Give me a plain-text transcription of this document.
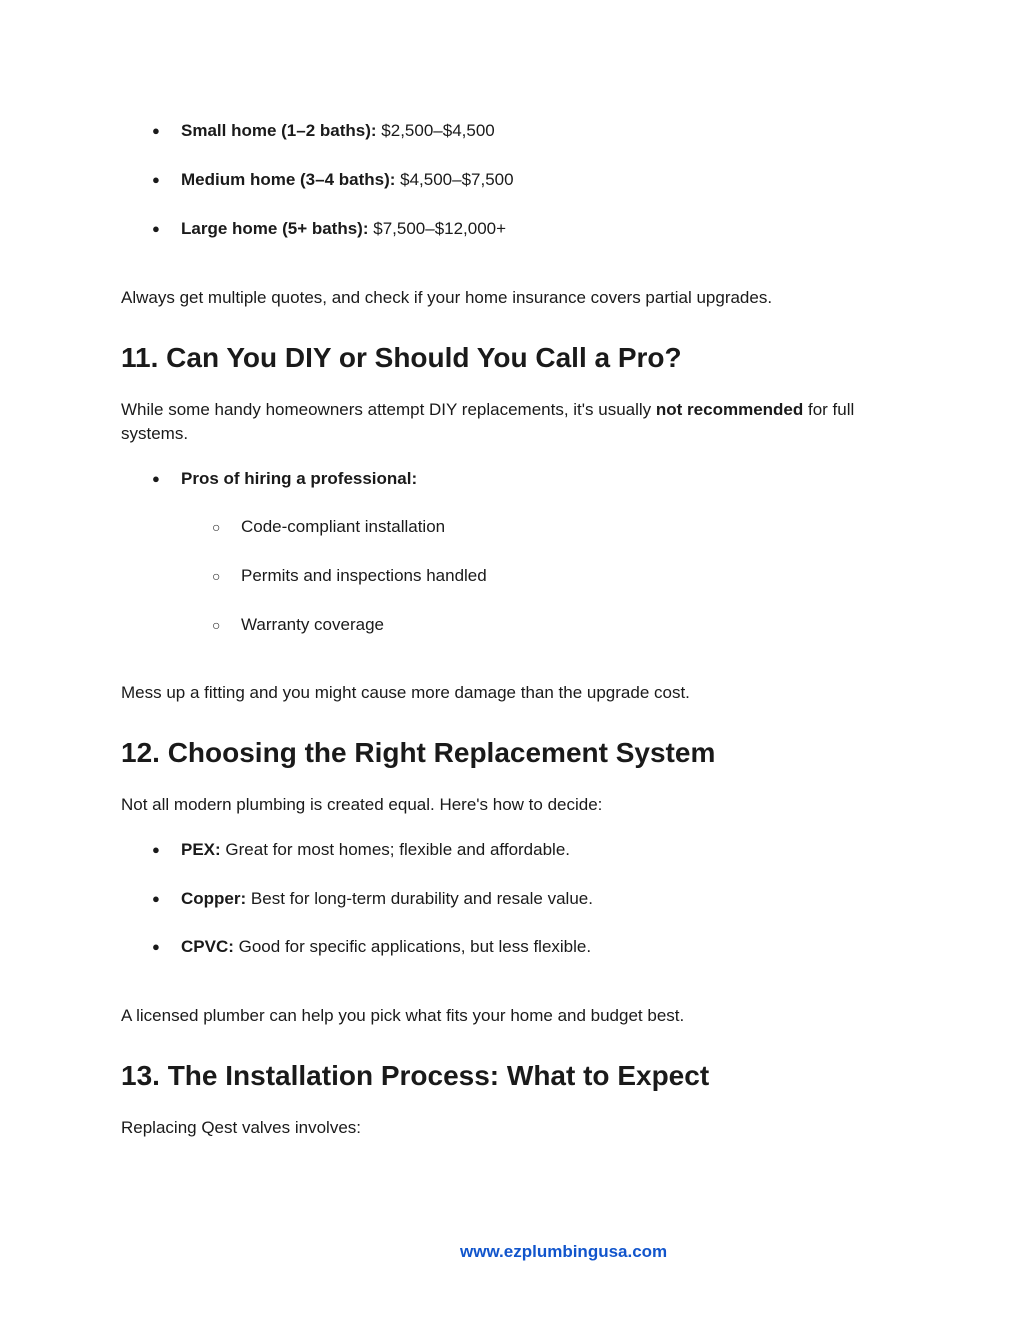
● Small home (1–2 baths): $2,500–$4,500

● Medium home (3–4 baths): $4,500–$7,500

● Large home (5+ baths): $7,500–$12,000+

Always get multiple quotes, and check if your home insurance covers partial upgrades.

11. Can You DIY or Should You Call a Pro?

While some handy homeowners attempt DIY replacements, it's usually not recommended for full systems.

● Pros of hiring a professional:

○ Code-compliant installation

○ Permits and inspections handled

○ Warranty coverage

Mess up a fitting and you might cause more damage than the upgrade cost.

12. Choosing the Right Replacement System

Not all modern plumbing is created equal. Here's how to decide:

● PEX: Great for most homes; flexible and affordable.

● Copper: Best for long-term durability and resale value.

● CPVC: Good for specific applications, but less flexible.

A licensed plumber can help you pick what fits your home and budget best.

13. The Installation Process: What to Expect

Replacing Qest valves involves:

www.ezplumbingusa.com
